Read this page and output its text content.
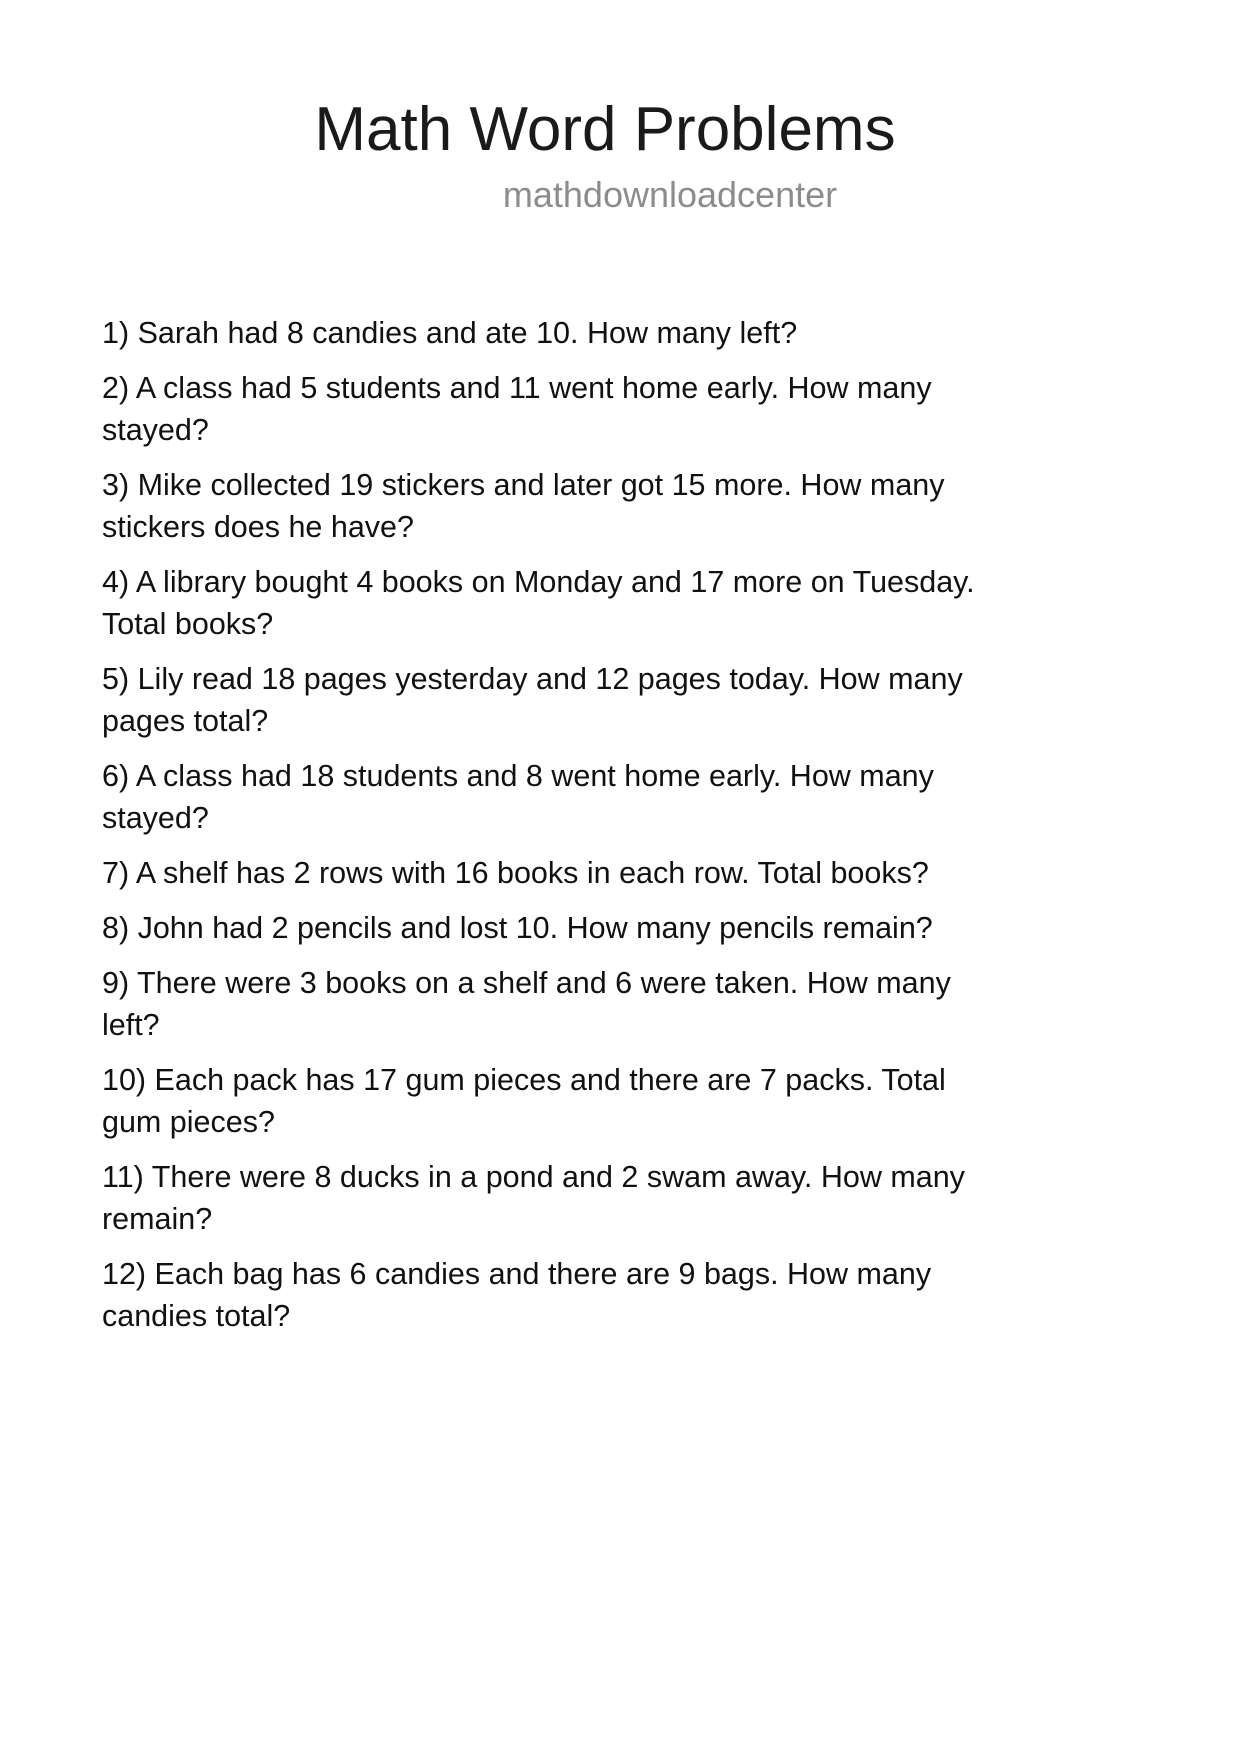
Math Word Problems
mathdownloadcenter

1) Sarah had 8 candies and ate 10. How many left?

2) A class had 5 students and 11 went home early. How many stayed?

3) Mike collected 19 stickers and later got 15 more. How many stickers does he have?

4) A library bought 4 books on Monday and 17 more on Tuesday. Total books?

5) Lily read 18 pages yesterday and 12 pages today. How many pages total?

6) A class had 18 students and 8 went home early. How many stayed?

7) A shelf has 2 rows with 16 books in each row. Total books?

8) John had 2 pencils and lost 10. How many pencils remain?

9) There were 3 books on a shelf and 6 were taken. How many left?

10) Each pack has 17 gum pieces and there are 7 packs. Total gum pieces?

11) There were 8 ducks in a pond and 2 swam away. How many remain?

12) Each bag has 6 candies and there are 9 bags. How many candies total?
